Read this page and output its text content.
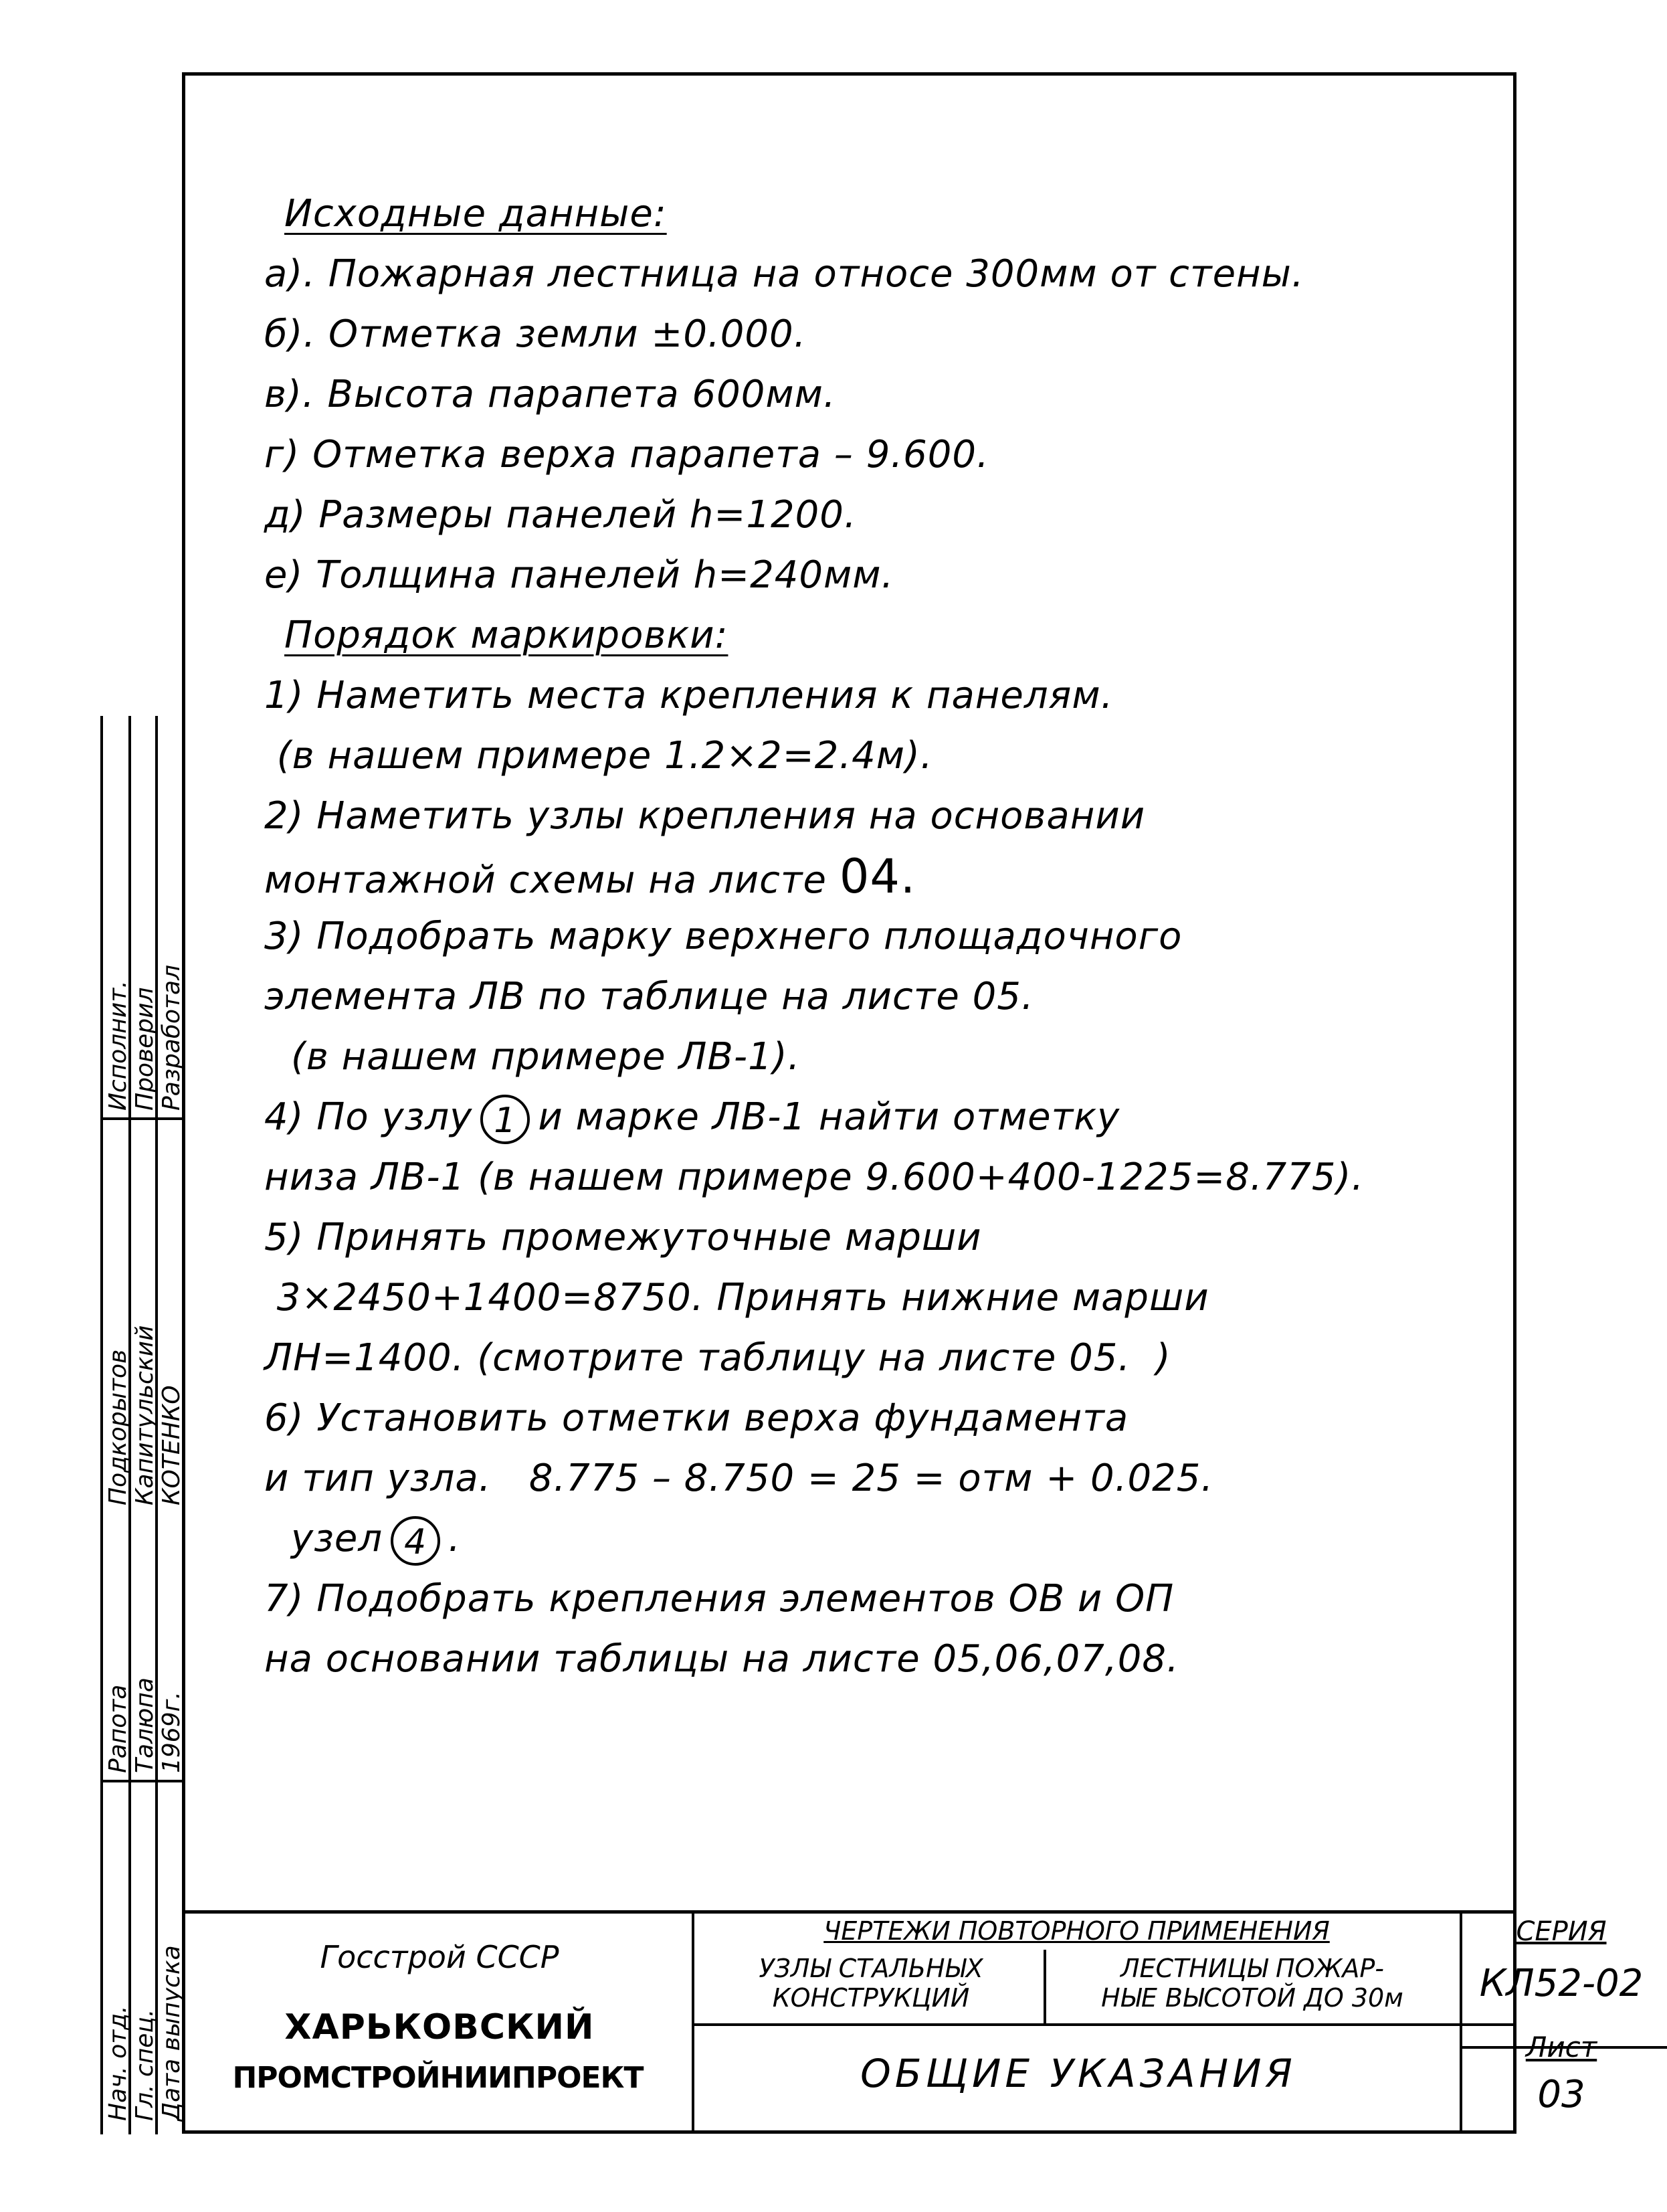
Исходные данные:
а). Пожарная лестница на относе 300мм от стены.
б). Отметка земли ±0.000.
в). Высота парапета 600мм.
г) Отметка верха парапета – 9.600.
д) Размеры панелей h=1200.
е) Толщина панелей h=240мм.
Порядок маркировки:
1) Наметить места крепления к панелям.
(в нашем примере 1.2×2=2.4м).
2) Наметить узлы крепления на основании
монтажной схемы на листе 04.
3) Подобрать марку верхнего площадочного
элемента ЛВ по таблице на листе 05.
(в нашем примере ЛВ-1).
4) По узлу 1 и марке ЛВ-1 найти отметку
низа ЛВ-1 (в нашем примере 9.600+400-1225=8.775).
5) Принять промежуточные марши
3×2450+1400=8750. Принять нижние марши
ЛН=1400. (смотрите таблицу на листе 05.  )
6) Установить отметки верха фундамента
и тип узла.   8.775 – 8.750 = 25 = отм + 0.025.
узел 4 .
7) Подобрать крепления элементов ОВ и ОП
на основании таблицы на листе 05,06,07,08.
Исполнит. Проверил Разработал
Подкорытов Капитульский КОТЕНКО
Нач. отд. Гл. спец. Дата выпуска
Рапота Талюпа 1969г.
Госстрой СССР
ХАРЬКОВСКИЙ
ПРОМСТРОЙНИИПРОЕКТ
ЧЕРТЕЖИ ПОВТОРНОГО ПРИМЕНЕНИЯ
УЗЛЫ СТАЛЬНЫХ
КОНСТРУКЦИЙ
ЛЕСТНИЦЫ ПОЖАР-
НЫЕ ВЫСОТОЙ ДО 30м
ОБЩИЕ УКАЗАНИЯ
СЕРИЯ
КЛ52-02
Лист
03
